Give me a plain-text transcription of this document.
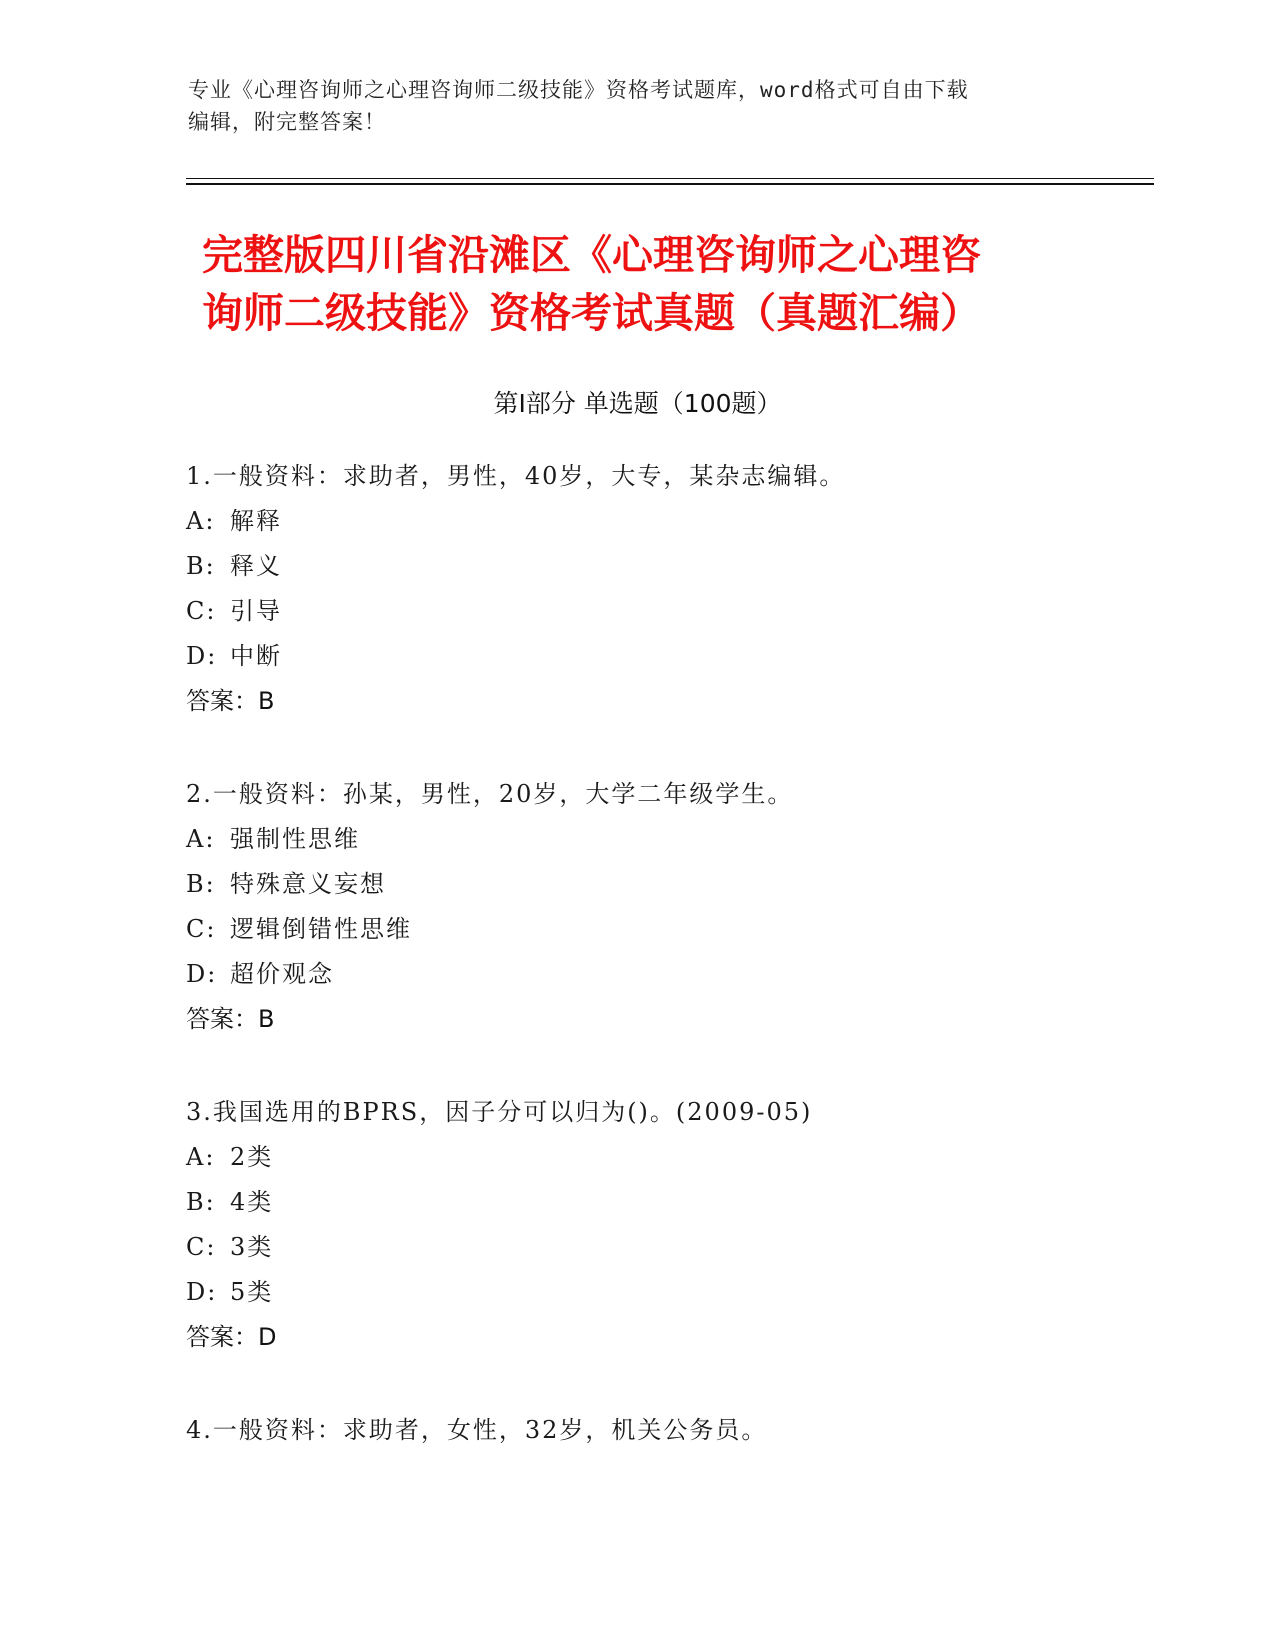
专业《心理咨询师之心理咨询师二级技能》资格考试题库，word格式可自由下载
编辑，附完整答案！
完整版四川省沿滩区《心理咨询师之心理咨
询师二级技能》资格考试真题（真题汇编）
第Ⅰ部分 单选题（100题）
1.一般资料：求助者，男性，40岁，大专，某杂志编辑。
A: 解释
B: 释义
C: 引导
D: 中断
答案：B
2.一般资料：孙某，男性，20岁，大学二年级学生。
A: 强制性思维
B: 特殊意义妄想
C: 逻辑倒错性思维
D: 超价观念
答案：B
3.我国选用的BPRS，因子分可以归为()。(2009-05)
A: 2类
B: 4类
C: 3类
D: 5类
答案：D
4.一般资料：求助者，女性，32岁，机关公务员。
